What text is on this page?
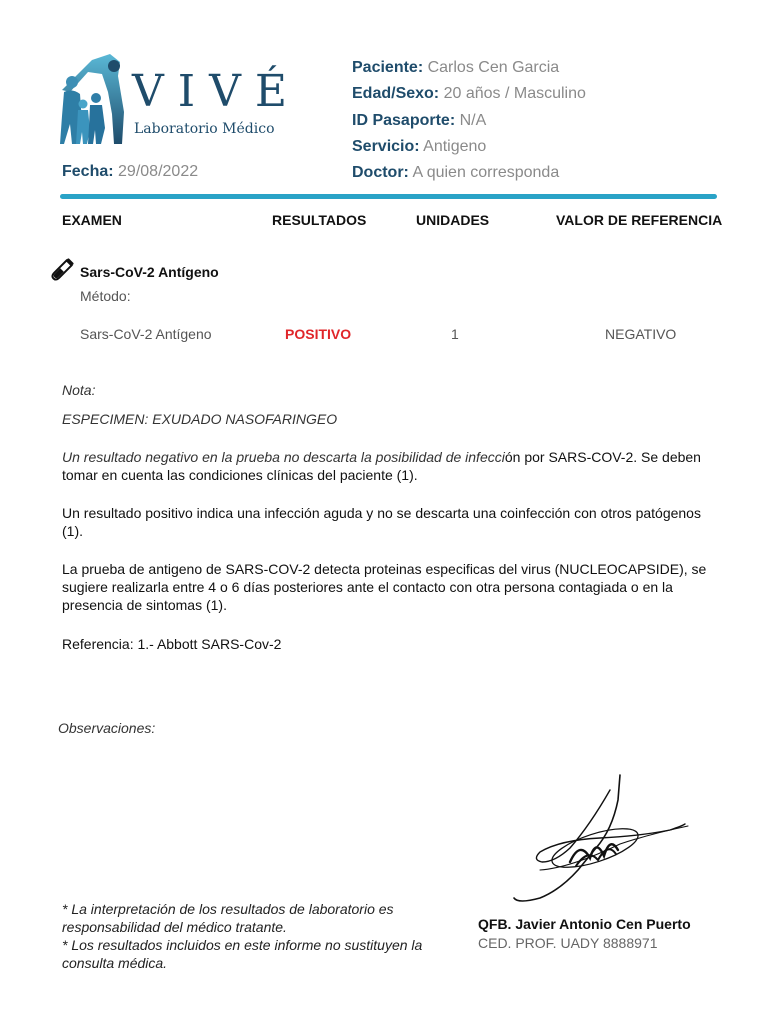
VIVÉ
Laboratorio Médico
Paciente: Carlos Cen Garcia
Edad/Sexo: 20 años / Masculino
ID Pasaporte: N/A
Servicio: Antigeno
Doctor: A quien corresponda
Fecha: 29/08/2022
EXAMEN	RESULTADOS	UNIDADES	VALOR DE REFERENCIA
Sars-CoV-2 Antígeno
Método:
Sars-CoV-2 Antígeno	POSITIVO	1	NEGATIVO
Nota:
ESPECIMEN: EXUDADO NASOFARINGEO
Un resultado negativo en la prueba no descarta la posibilidad de infección por SARS-COV-2. Se deben tomar en cuenta las condiciones clínicas del paciente (1).
Un resultado positivo indica una infección aguda y no se descarta una coinfección con otros patógenos (1).
La prueba de antigeno de SARS-COV-2 detecta proteinas especificas del virus (NUCLEOCAPSIDE), se sugiere realizarla entre 4 o 6 días posteriores ante el contacto con otra persona contagiada o en la presencia de sintomas (1).
Referencia: 1.- Abbott SARS-Cov-2
Observaciones:
* La interpretación de los resultados de laboratorio es responsabilidad del médico tratante.
* Los resultados incluidos en este informe no sustituyen la consulta médica.
QFB. Javier Antonio Cen Puerto
CED. PROF. UADY 8888971
